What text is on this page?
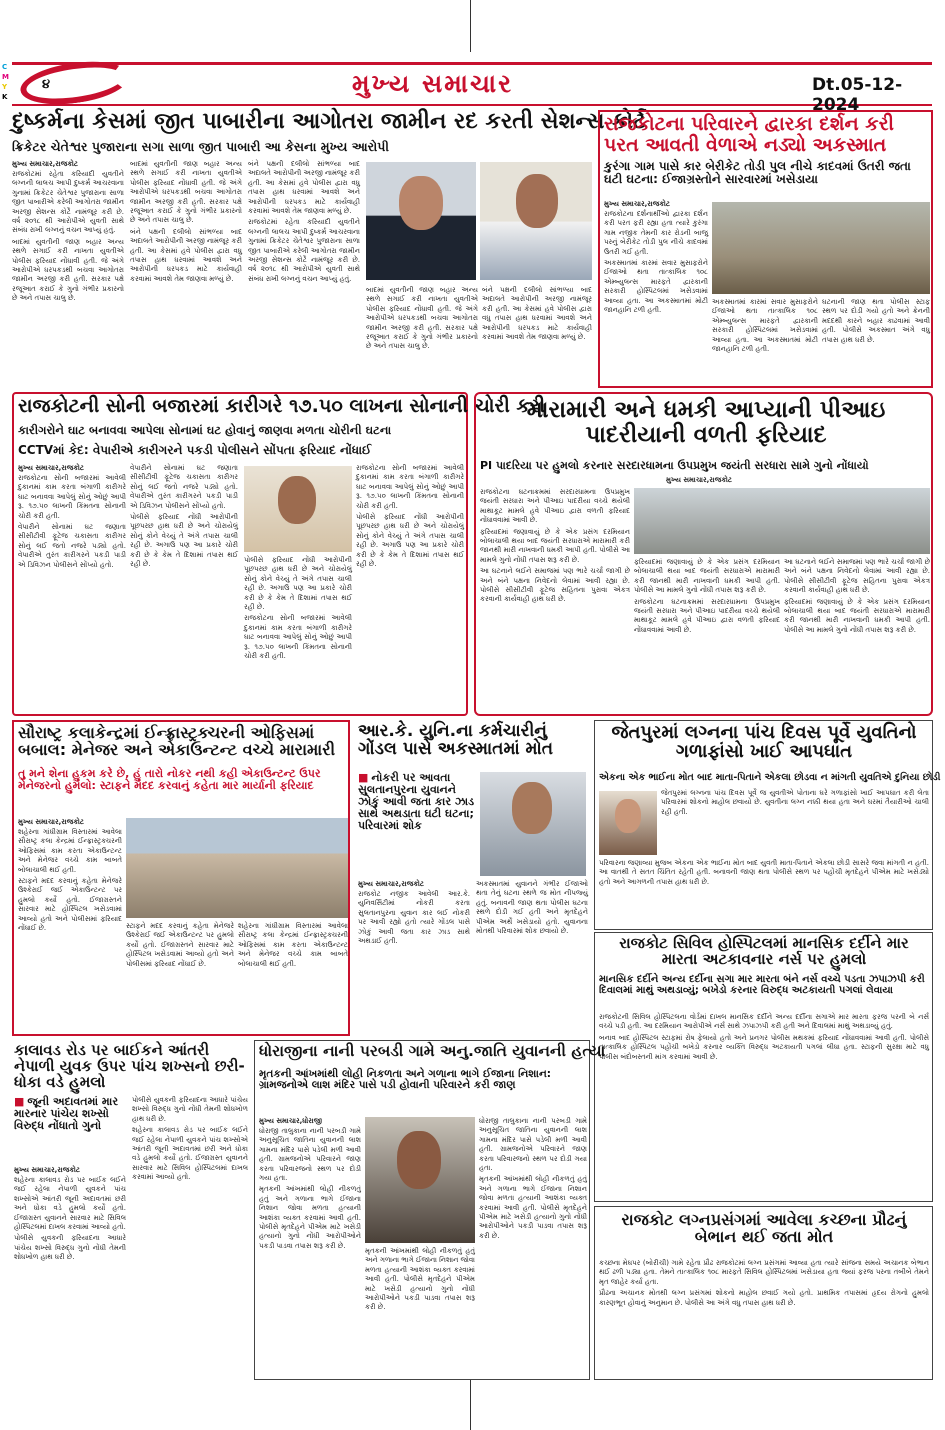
C
M
Y
K
૪	મુખ્ય સમાચાર	Dt.05-12-2024
દુષ્કર્મના કેસમાં જીત પાબારીના આગોતરા જામીન રદ કરતી સેશન્સ કોર્ટ
ક્રિકેટર ચેતેશ્વર પુજારાના સગા સાળા જીત પાબારી આ કેસના મુખ્ય આરોપી
મુખ્ય સમાચાર,રાજકોટ

રાજકોટમાં રહેતા કરિયાદી યુવતીને લગ્નની લાલચ આપી દુષ્કર્મ આચરવાના ગુનામાં ક્રિકેટર ચેતેશ્વર પુજારાના સાળા જીત પાબારીએ કરેલી આગોતરા જામીન અરજી સેશન્સ કોર્ટે નામંજૂર કરી છે. વર્ષ ૨૦૧૮ થી આરોપીએ યુવતી સાથે સંબંધ રાખી લગ્નનું વચન આપ્યું હતું.

બાદમાં યુવતીની જાણ બહાર અન્ય સ્થળે સગાઈ કરી નાખતા યુવતીએ પોલીસ ફરિયાદ નોંધાવી હતી. જે અંગે આરોપીએ ધરપકડથી બચવા આગોતરા જામીન અરજી કરી હતી. સરકાર પક્ષે રજૂઆત કરાઈ કે ગુનો ગંભીર પ્રકારનો છે અને તપાસ ચાલુ છે.

બાદમાં યુવતીની જાણ બહાર અન્ય સ્થળે સગાઈ કરી નાખતા યુવતીએ પોલીસ ફરિયાદ નોંધાવી હતી. જે અંગે આરોપીએ ધરપકડથી બચવા આગોતરા જામીન અરજી કરી હતી. સરકાર પક્ષે રજૂઆત કરાઈ કે ગુનો ગંભીર પ્રકારનો છે અને તપાસ ચાલુ છે.

બંને પક્ષની દલીલો સાંભળ્યા બાદ અદાલતે આરોપીની અરજી નામંજૂર કરી હતી. આ કેસમાં હવે પોલીસ દ્વારા વધુ તપાસ હાથ ધરવામાં આવશે અને આરોપીની ધરપકડ માટે કાર્યવાહી કરવામાં આવશે તેમ જાણવા મળ્યું છે.

બંને પક્ષની દલીલો સાંભળ્યા બાદ અદાલતે આરોપીની અરજી નામંજૂર કરી હતી. આ કેસમાં હવે પોલીસ દ્વારા વધુ તપાસ હાથ ધરવામાં આવશે અને આરોપીની ધરપકડ માટે કાર્યવાહી કરવામાં આવશે તેમ જાણવા મળ્યું છે.

રાજકોટમાં રહેતા કરિયાદી યુવતીને લગ્નની લાલચ આપી દુષ્કર્મ આચરવાના ગુનામાં ક્રિકેટર ચેતેશ્વર પુજારાના સાળા જીત પાબારીએ કરેલી આગોતરા જામીન અરજી સેશન્સ કોર્ટે નામંજૂર કરી છે. વર્ષ ૨૦૧૮ થી આરોપીએ યુવતી સાથે સંબંધ રાખી લગ્નનું વચન આપ્યું હતું.

બાદમાં યુવતીની જાણ બહાર અન્ય સ્થળે સગાઈ કરી નાખતા યુવતીએ પોલીસ ફરિયાદ નોંધાવી હતી. જે અંગે આરોપીએ ધરપકડથી બચવા આગોતરા જામીન અરજી કરી હતી. સરકાર પક્ષે રજૂઆત કરાઈ કે ગુનો ગંભીર પ્રકારનો છે અને તપાસ ચાલુ છે.

બંને પક્ષની દલીલો સાંભળ્યા બાદ અદાલતે આરોપીની અરજી નામંજૂર કરી હતી. આ કેસમાં હવે પોલીસ દ્વારા વધુ તપાસ હાથ ધરવામાં આવશે અને આરોપીની ધરપકડ માટે કાર્યવાહી કરવામાં આવશે તેમ જાણવા મળ્યું છે.

રાજકોટના પરિવારને દ્વારકા દર્શન કરી પરત આવતી વેળાએ નડ્યો અકસ્માત
કુરંગા ગામ પાસે કાર બેરીકેટ તોડી પુલ નીચે કાદવમાં ઉતરી જતા ઘટી ઘટના: ઈજાગ્રસ્તોને સારવારમાં ખસેડાયા
મુખ્ય સમાચાર,રાજકોટ

રાજકોટના દર્શનાર્થીઓ દ્વારકા દર્શન કરી પરત ફરી રહ્યા હતા ત્યારે કુરંગા ગામ નજીક તેમની કાર રોડની બાજુ પરનું બેરીકેટ તોડી પુલ નીચે કાદવમાં ઉતરી ગઈ હતી.

અકસ્માતમાં કારમાં સવાર મુસાફરોને ઈજાઓ થતા તાત્કાલિક ૧૦૮ એમ્બ્યુલન્સ મારફતે દ્વારકાની સરકારી હોસ્પિટલમાં ખસેડવામાં આવ્યા હતા. આ અકસ્માતમાં મોટી જાનહાનિ ટળી હતી.

અકસ્માતમાં કારમાં સવાર મુસાફરોને ઈજાઓ થતા તાત્કાલિક ૧૦૮ એમ્બ્યુલન્સ મારફતે દ્વારકાની સરકારી હોસ્પિટલમાં ખસેડવામાં આવ્યા હતા. આ અકસ્માતમાં મોટી જાનહાનિ ટળી હતી.

ઘટનાની જાણ થતા પોલીસ સ્ટાફ સ્થળ પર દોડી ગયો હતો અને ક્રેનની મદદથી કારને બહાર કાઢવામાં આવી હતી. પોલીસે અકસ્માત અંગે વધુ તપાસ હાથ ધરી છે.

રાજકોટની સોની બજારમાં કારીગરે ૧૭.૫૦ લાખના સોનાની ચોરી કરી
કારીગરોને ઘાટ બનાવવા આપેલા સોનામાં ઘટ હોવાનું જાણવા મળતા ચોરીની ઘટના
CCTVમાં કેદ: વેપારીએ કારીગરને પકડી પોલીસને સોંપતા ફરિયાદ નોંધાઈ
મુખ્ય સમાચાર,રાજકોટ

રાજકોટના સોની બજારમાં આવેલી દુકાનમાં કામ કરતા બંગાળી કારીગરે ઘાટ બનાવવા આપેલું સોનું ઓછું આપી રૂ. ૧૭.૫૦ લાખની કિંમતના સોનાની ચોરી કરી હતી.

વેપારીને સોનામાં ઘટ જણાતા સીસીટીવી ફૂટેજ ચકાસતા કારીગર સોનું લઈ જતો નજરે પડ્યો હતો. વેપારીએ તુરંત કારીગરને પકડી પાડી એ ડિવિઝન પોલીસને સોંપ્યો હતો.

વેપારીને સોનામાં ઘટ જણાતા સીસીટીવી ફૂટેજ ચકાસતા કારીગર સોનું લઈ જતો નજરે પડ્યો હતો. વેપારીએ તુરંત કારીગરને પકડી પાડી એ ડિવિઝન પોલીસને સોંપ્યો હતો.

પોલીસે ફરિયાદ નોંધી આરોપીની પૂછપરછ હાથ ધરી છે અને ચોરાયેલું સોનું કોને વેચ્યું તે અંગે તપાસ ચાલી રહી છે. અગાઉ પણ આ પ્રકારે ચોરી કરી છે કે કેમ તે દિશામાં તપાસ થઈ રહી છે.

પોલીસે ફરિયાદ નોંધી આરોપીની પૂછપરછ હાથ ધરી છે અને ચોરાયેલું સોનું કોને વેચ્યું તે અંગે તપાસ ચાલી રહી છે. અગાઉ પણ આ પ્રકારે ચોરી કરી છે કે કેમ તે દિશામાં તપાસ થઈ રહી છે.

રાજકોટના સોની બજારમાં આવેલી દુકાનમાં કામ કરતા બંગાળી કારીગરે ઘાટ બનાવવા આપેલું સોનું ઓછું આપી રૂ. ૧૭.૫૦ લાખની કિંમતના સોનાની ચોરી કરી હતી.

રાજકોટના સોની બજારમાં આવેલી દુકાનમાં કામ કરતા બંગાળી કારીગરે ઘાટ બનાવવા આપેલું સોનું ઓછું આપી રૂ. ૧૭.૫૦ લાખની કિંમતના સોનાની ચોરી કરી હતી.

પોલીસે ફરિયાદ નોંધી આરોપીની પૂછપરછ હાથ ધરી છે અને ચોરાયેલું સોનું કોને વેચ્યું તે અંગે તપાસ ચાલી રહી છે. અગાઉ પણ આ પ્રકારે ચોરી કરી છે કે કેમ તે દિશામાં તપાસ થઈ રહી છે.

મારામારી અને ધમકી આપ્યાની પીઆઇ પાદરીયાની વળતી ફરિયાદ
PI પાદરિયા પર હુમલો કરનાર સરદારધામના ઉપપ્રમુખ જયંતી સરધારા સામે ગુનો નોંધાયો
મુખ્ય સમાચાર,રાજકોટ

રાજકોટના ઘટનાક્રમમાં સરદારધામના ઉપપ્રમુખ જયંતી સરધારા અને પીઆઇ પાદરીયા વચ્ચે થયેલી માથાકૂટ મામલે હવે પીઆઇ દ્વારા વળતી ફરિયાદ નોંધાવવામાં આવી છે.

ફરિયાદમાં જણાવાયું છે કે એક પ્રસંગ દરમિયાન બોલાચાલી થયા બાદ જયંતી સરધારાએ મારામારી કરી જાનથી મારી નાખવાની ધમકી આપી હતી. પોલીસે આ મામલે ગુનો નોંધી તપાસ શરૂ કરી છે.

આ ઘટનાને લઈને સમાજમાં પણ ભારે ચર્ચા જાગી છે અને બંને પક્ષના નિવેદનો લેવામાં આવી રહ્યા છે. પોલીસે સીસીટીવી ફૂટેજ સહિતના પુરાવા એકત્ર કરવાની કાર્યવાહી હાથ ધરી છે.

ફરિયાદમાં જણાવાયું છે કે એક પ્રસંગ દરમિયાન બોલાચાલી થયા બાદ જયંતી સરધારાએ મારામારી કરી જાનથી મારી નાખવાની ધમકી આપી હતી. પોલીસે આ મામલે ગુનો નોંધી તપાસ શરૂ કરી છે.

રાજકોટના ઘટનાક્રમમાં સરદારધામના ઉપપ્રમુખ જયંતી સરધારા અને પીઆઇ પાદરીયા વચ્ચે થયેલી માથાકૂટ મામલે હવે પીઆઇ દ્વારા વળતી ફરિયાદ નોંધાવવામાં આવી છે.

આ ઘટનાને લઈને સમાજમાં પણ ભારે ચર્ચા જાગી છે અને બંને પક્ષના નિવેદનો લેવામાં આવી રહ્યા છે. પોલીસે સીસીટીવી ફૂટેજ સહિતના પુરાવા એકત્ર કરવાની કાર્યવાહી હાથ ધરી છે.

ફરિયાદમાં જણાવાયું છે કે એક પ્રસંગ દરમિયાન બોલાચાલી થયા બાદ જયંતી સરધારાએ મારામારી કરી જાનથી મારી નાખવાની ધમકી આપી હતી. પોલીસે આ મામલે ગુનો નોંધી તપાસ શરૂ કરી છે.

સૌરાષ્ટ્ર કલાકેન્દ્રમાં ઈન્ફ્રાસ્ટ્રક્ચરની ઓફિસમાં બબાલ: મેનેજર અને એકાઉન્ટન્ટ વચ્ચે મારામારી
તુ મને શેના હુકમ કરે છે, હું તારો નોકર નથી કહી એકાઉન્ટન્ટ ઉપર મેનેજરનો હુમલો: સ્ટાફને મદદ કરવાનું કહેતા માર માર્યાની ફરિયાદ
મુખ્ય સમાચાર,રાજકોટ

શહેરના ગાંધીગ્રામ વિસ્તારમાં આવેલા સૌરાષ્ટ્ર કલા કેન્દ્રમાં ઈન્ફ્રાસ્ટ્રક્ચરની ઓફિસમાં કામ કરતા એકાઉન્ટન્ટ અને મેનેજર વચ્ચે કામ બાબતે બોલાચાલી થઈ હતી.

સ્ટાફને મદદ કરવાનું કહેતા મેનેજરે ઉશ્કેરાઈ જઈ એકાઉન્ટન્ટ પર હુમલો કર્યો હતો. ઈજાગ્રસ્તને સારવાર માટે હોસ્પિટલ ખસેડવામાં આવ્યો હતો અને પોલીસમાં ફરિયાદ નોંધાઈ છે.	સ્ટાફને મદદ કરવાનું કહેતા મેનેજરે ઉશ્કેરાઈ જઈ એકાઉન્ટન્ટ પર હુમલો કર્યો હતો. ઈજાગ્રસ્તને સારવાર માટે હોસ્પિટલ ખસેડવામાં આવ્યો હતો અને પોલીસમાં ફરિયાદ નોંધાઈ છે.

શહેરના ગાંધીગ્રામ વિસ્તારમાં આવેલા સૌરાષ્ટ્ર કલા કેન્દ્રમાં ઈન્ફ્રાસ્ટ્રક્ચરની ઓફિસમાં કામ કરતા એકાઉન્ટન્ટ અને મેનેજર વચ્ચે કામ બાબતે બોલાચાલી થઈ હતી.

આર.કે. યુનિ.ના કર્મચારીનું ગોંડલ પાસે અકસ્માતમાં મોત
■ નોકરી પર આવતા સુલતાનપુરના યુવાનને ઝોકું આવી જતા કાર ઝાડ સાથે અથડાતા ઘટી ઘટના; પરિવારમાં શોક
મુખ્ય સમાચાર,રાજકોટ

રાજકોટ નજીક આવેલી આર.કે. યુનિવર્સિટીમાં નોકરી કરતા સુલતાનપુરના યુવાન કાર લઈ નોકરી પર આવી રહ્યો હતો ત્યારે ગોંડલ પાસે ઝોકું આવી જતા કાર ઝાડ સાથે અથડાઈ હતી.

અકસ્માતમાં યુવાનને ગંભીર ઈજાઓ થતા તેનું ઘટના સ્થળે જ મોત નીપજ્યું હતું. બનાવની જાણ થતા પોલીસ ઘટના સ્થળે દોડી ગઈ હતી અને મૃતદેહને પીએમ અર્થે ખસેડાયો હતો. યુવાનના મોતથી પરિવારમાં શોક છવાયો છે.

જેતપુરમાં લગ્નના પાંચ દિવસ પૂર્વે યુવતિનો ગળાફાંસો ખાઈ આપઘાત
એકના એક ભાઈના મોત બાદ માતા-પિતાને એકલા છોડવા ન માંગતી યુવતિએ દુનિયા છોડી

જેતપુરમાં લગ્નના પાંચ દિવસ પૂર્વે જ યુવતીએ પોતાના ઘરે ગળાફાંસો ખાઈ આપઘાત કરી લેતા પરિવારમાં શોકનો માહોલ છવાયો છે. યુવતીના લગ્ન નક્કી થયા હતા અને ઘરમાં તૈયારીઓ ચાલી રહી હતી.

પરિવારના જણાવ્યા મુજબ એકના એક ભાઈના મોત બાદ યુવતી માતા-પિતાને એકલા છોડી સાસરે જવા માંગતી ન હતી. આ વાતથી તે સતત ચિંતિત રહેતી હતી. બનાવની જાણ થતા પોલીસે સ્થળ પર પહોંચી મૃતદેહને પીએમ માટે ખસેડ્યો હતો અને આગળની તપાસ હાથ ધરી છે.

રાજકોટ સિવિલ હોસ્પિટલમાં માનસિક દર્દીને માર મારતા અટકાવનાર નર્સ પર હુમલો
માનસિક દર્દીને અન્ય દર્દીના સગા માર મારતા બંને નર્સ વચ્ચે પડતા ઝપાઝપી કરી દિવાલમાં માથું અથડાવ્યું; બખેડો કરનાર વિરુદ્ધ અટકાયતી પગલાં લેવાયા

રાજકોટની સિવિલ હોસ્પિટલના વોર્ડમાં દાખલ માનસિક દર્દીને અન્ય દર્દીના સગાએ માર મારતા ફરજ પરની બે નર્સ વચ્ચે પડી હતી. આ દરમિયાન આરોપીએ નર્સ સાથે ઝપાઝપી કરી હતી અને દિવાલમાં માથું અથડાવ્યું હતું.

બનાવ બાદ હોસ્પિટલ સ્ટાફમાં રોષ ફેલાયો હતો અને પ્રનગર પોલીસ મથકમાં ફરિયાદ નોંધાવવામાં આવી હતી. પોલીસે તાત્કાલિક હોસ્પિટલ પહોંચી બખેડો કરનાર વ્યક્તિ વિરુદ્ધ અટકાયતી પગલાં લીધા હતા. સ્ટાફની સુરક્ષા માટે વધુ પોલીસ બંદોબસ્તની માંગ કરવામાં આવી છે.

કાલાવડ રોડ પર બાઈકને આંતરી નેપાળી યુવક ઉપર પાંચ શખ્સનો છરી-ધોકા વડે હુમલો
■ જૂની અદાવતમાં માર મારનાર પાંચેય શખ્સો વિરુદ્ધ નોંધાતો ગુનો
મુખ્ય સમાચાર,રાજકોટ

શહેરના કાલાવડ રોડ પર બાઈક લઈને જઈ રહેલા નેપાળી યુવકને પાંચ શખ્સોએ આંતરી જૂની અદાવતમાં છરી અને ધોકા વડે હુમલો કર્યો હતો. ઈજાગ્રસ્ત યુવાનને સારવાર માટે સિવિલ હોસ્પિટલમાં દાખલ કરવામાં આવ્યો હતો.

પોલીસે યુવકની ફરિયાદના આધારે પાંચેય શખ્સો વિરુદ્ધ ગુનો નોંધી તેમની શોધખોળ હાથ ધરી છે.

પોલીસે યુવકની ફરિયાદના આધારે પાંચેય શખ્સો વિરુદ્ધ ગુનો નોંધી તેમની શોધખોળ હાથ ધરી છે.

શહેરના કાલાવડ રોડ પર બાઈક લઈને જઈ રહેલા નેપાળી યુવકને પાંચ શખ્સોએ આંતરી જૂની અદાવતમાં છરી અને ધોકા વડે હુમલો કર્યો હતો. ઈજાગ્રસ્ત યુવાનને સારવાર માટે સિવિલ હોસ્પિટલમાં દાખલ કરવામાં આવ્યો હતો.

ધોરાજીના નાની પરબડી ગામે અનુ.જાતિ યુવાનની હત્યા
મૃતકની આંખમાંથી લોહી નિકળતા અને ગળાના ભાગે ઈજાના નિશાન: ગ્રામજનોએ લાશ મંદિર પાસે પડી હોવાની પરિવારને કરી જાણ
મુખ્ય સમાચાર,ધોરાજી

ધોરાજી તાલુકાના નાની પરબડી ગામે અનુસૂચિત જાતિના યુવાનની લાશ ગામના મંદિર પાસે પડેલી મળી આવી હતી. ગ્રામજનોએ પરિવારને જાણ કરતા પરિવારજનો સ્થળ પર દોડી ગયા હતા.

મૃતકની આંખમાંથી લોહી નીકળતું હતું અને ગળાના ભાગે ઈજાના નિશાન જોવા મળતા હત્યાની આશંકા વ્યક્ત કરવામાં આવી હતી. પોલીસે મૃતદેહને પીએમ માટે ખસેડી હત્યાનો ગુનો નોંધી આરોપીઓને પકડી પાડવા તપાસ શરૂ કરી છે.

મૃતકની આંખમાંથી લોહી નીકળતું હતું અને ગળાના ભાગે ઈજાના નિશાન જોવા મળતા હત્યાની આશંકા વ્યક્ત કરવામાં આવી હતી. પોલીસે મૃતદેહને પીએમ માટે ખસેડી હત્યાનો ગુનો નોંધી આરોપીઓને પકડી પાડવા તપાસ શરૂ કરી છે.

ધોરાજી તાલુકાના નાની પરબડી ગામે અનુસૂચિત જાતિના યુવાનની લાશ ગામના મંદિર પાસે પડેલી મળી આવી હતી. ગ્રામજનોએ પરિવારને જાણ કરતા પરિવારજનો સ્થળ પર દોડી ગયા હતા.

મૃતકની આંખમાંથી લોહી નીકળતું હતું અને ગળાના ભાગે ઈજાના નિશાન જોવા મળતા હત્યાની આશંકા વ્યક્ત કરવામાં આવી હતી. પોલીસે મૃતદેહને પીએમ માટે ખસેડી હત્યાનો ગુનો નોંધી આરોપીઓને પકડી પાડવા તપાસ શરૂ કરી છે.

રાજકોટ લગ્નપ્રસંગમાં આવેલા કચ્છના પ્રૌઢનું બેભાન થઈ જતા મોત

કચ્છના મેઘપર (બોરીચી) ગામે રહેતા પ્રૌઢ રાજકોટમાં લગ્ન પ્રસંગમાં આવ્યા હતા ત્યારે સાંજના સમયે અચાનક બેભાન થઈ ઢળી પડ્યા હતા. તેમને તાત્કાલિક ૧૦૮ મારફતે સિવિલ હોસ્પિટલમાં ખસેડાયા હતા જ્યાં ફરજ પરના તબીબે તેમને મૃત જાહેર કર્યા હતા.

પ્રૌઢના અચાનક મોતથી લગ્ન પ્રસંગમાં શોકનો માહોલ છવાઈ ગયો હતો. પ્રાથમિક તપાસમાં હૃદય રોગનો હુમલો કારણભૂત હોવાનું અનુમાન છે. પોલીસે આ અંગે વધુ તપાસ હાથ ધરી છે.
